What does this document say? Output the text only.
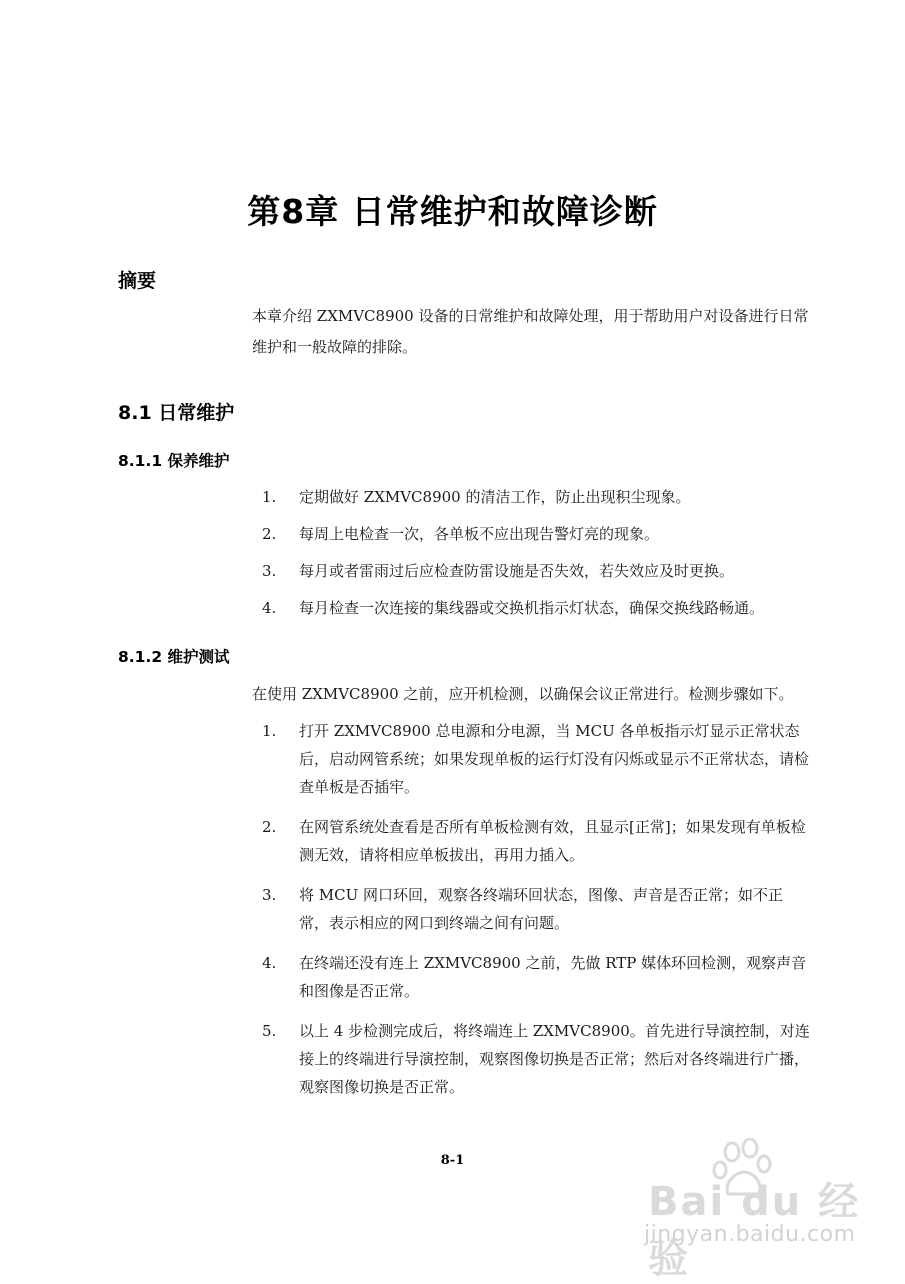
第8章 日常维护和故障诊断
摘要
本章介绍 ZXMVC8900 设备的日常维护和故障处理，用于帮助用户对设备进行日常维护和一般故障的排除。
8.1 日常维护
8.1.1 保养维护
1. 定期做好 ZXMVC8900 的清洁工作，防止出现积尘现象。
2. 每周上电检查一次，各单板不应出现告警灯亮的现象。
3. 每月或者雷雨过后应检查防雷设施是否失效，若失效应及时更换。
4. 每月检查一次连接的集线器或交换机指示灯状态，确保交换线路畅通。
8.1.2 维护测试
在使用 ZXMVC8900 之前，应开机检测，以确保会议正常进行。检测步骤如下。
1. 打开 ZXMVC8900 总电源和分电源，当 MCU 各单板指示灯显示正常状态后，启动网管系统；如果发现单板的运行灯没有闪烁或显示不正常状态，请检查单板是否插牢。
2. 在网管系统处查看是否所有单板检测有效，且显示[正常]；如果发现有单板检测无效，请将相应单板拔出，再用力插入。
3. 将 MCU 网口环回，观察各终端环回状态，图像、声音是否正常；如不正常，表示相应的网口到终端之间有问题。
4. 在终端还没有连上 ZXMVC8900 之前，先做 RTP 媒体环回检测，观察声音和图像是否正常。
5. 以上 4 步检测完成后，将终端连上 ZXMVC8900。首先进行导演控制，对连接上的终端进行导演控制，观察图像切换是否正常；然后对各终端进行广播，观察图像切换是否正常。
8-1
Bai du 经验
jingyan.baidu.com
